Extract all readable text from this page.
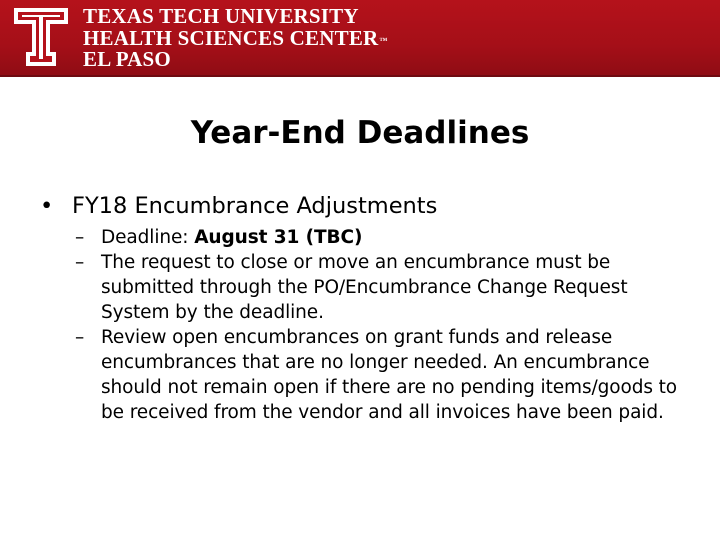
TEXAS TECH UNIVERSITY
HEALTH SCIENCES CENTER™
EL PASO
Year-End Deadlines
• FY18 Encumbrance Adjustments
– Deadline: August 31 (TBC)
– The request to close or move an encumbrance must be submitted through the PO/Encumbrance Change Request System by the deadline.
– Review open encumbrances on grant funds and release encumbrances that are no longer needed. An encumbrance should not remain open if there are no pending items/goods to be received from the vendor and all invoices have been paid.
